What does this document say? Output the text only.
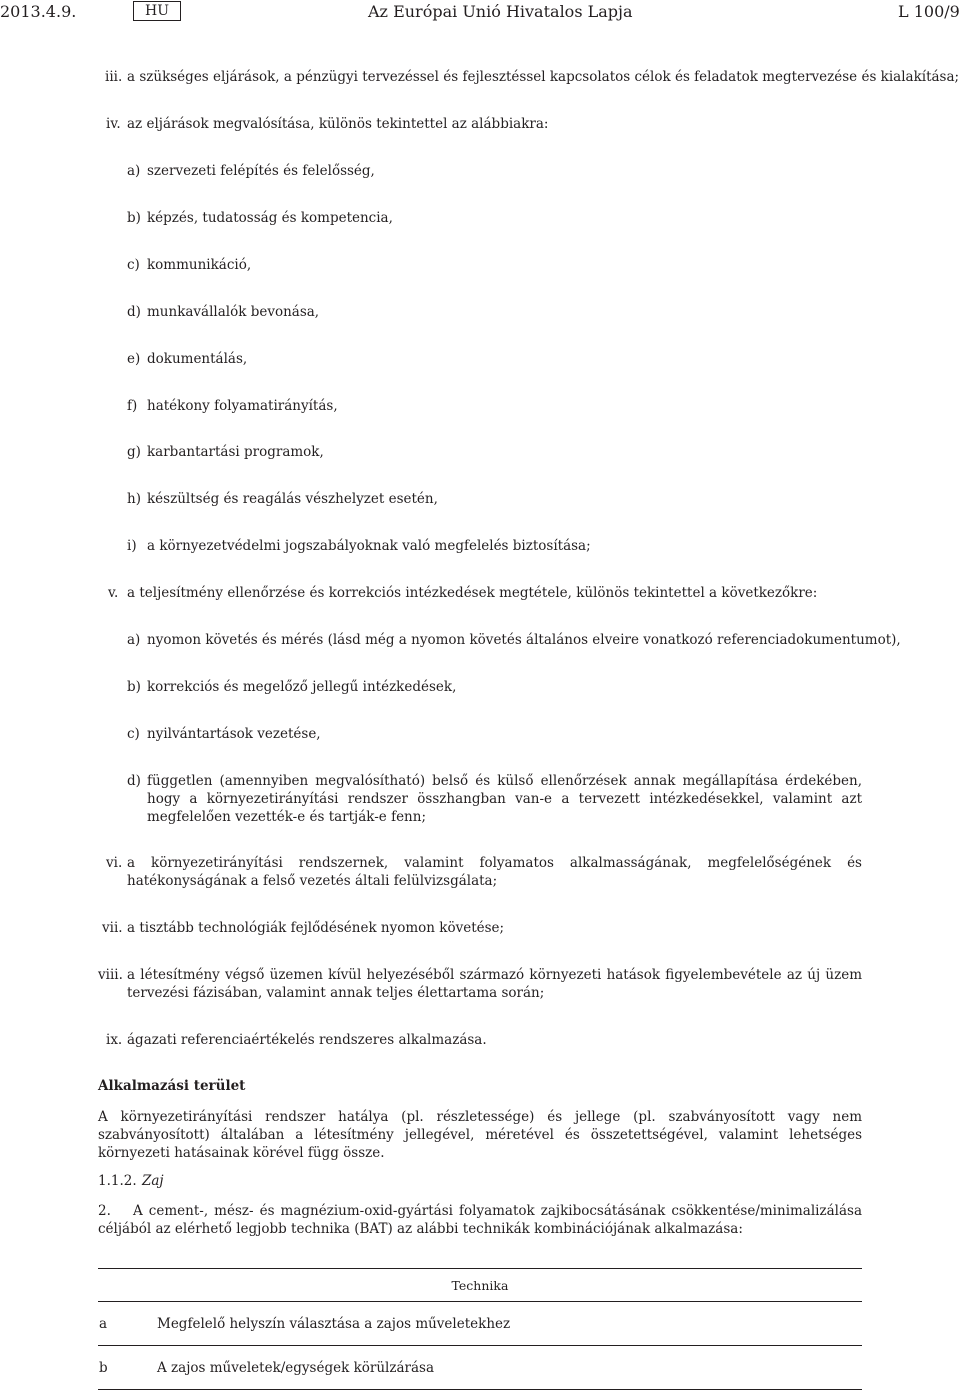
2013.4.9.	HU	Az Európai Unió Hivatalos Lapja	L 100/9
iii. a szükséges eljárások, a pénzügyi tervezéssel és fejlesztéssel kapcsolatos célok és feladatok megtervezése és kialakítása;
iv. az eljárások megvalósítása, különös tekintettel az alábbiakra:
a) szervezeti felépítés és felelősség,
b) képzés, tudatosság és kompetencia,
c) kommunikáció,
d) munkavállalók bevonása,
e) dokumentálás,
f) hatékony folyamatirányítás,
g) karbantartási programok,
h) készültség és reagálás vészhelyzet esetén,
i) a környezetvédelmi jogszabályoknak való megfelelés biztosítása;
v. a teljesítmény ellenőrzése és korrekciós intézkedések megtétele, különös tekintettel a következőkre:
a) nyomon követés és mérés (lásd még a nyomon követés általános elveire vonatkozó referenciadokumentumot),
b) korrekciós és megelőző jellegű intézkedések,
c) nyilvántartások vezetése,
d) független (amennyiben megvalósítható) belső és külső ellenőrzések annak megállapítása érdekében, hogy a környezetirányítási rendszer összhangban van-e a tervezett intézkedésekkel, valamint azt megfelelően vezették-e és tartják-e fenn;
vi. a környezetirányítási rendszernek, valamint folyamatos alkalmasságának, megfelelőségének és hatékonyságának a felső vezetés általi felülvizsgálata;
vii. a tisztább technológiák fejlődésének nyomon követése;
viii. a létesítmény végső üzemen kívül helyezéséből származó környezeti hatások figyelembevétele az új üzem tervezési fázisában, valamint annak teljes élettartama során;
ix. ágazati referenciaértékelés rendszeres alkalmazása.
Alkalmazási terület
A környezetirányítási rendszer hatálya (pl. részletessége) és jellege (pl. szabványosított vagy nem szabványosított) általában a létesítmény jellegével, méretével és összetettségével, valamint lehetséges környezeti hatásainak körével függ össze.
1.1.2. Zaj
2. A cement-, mész- és magnézium-oxid-gyártási folyamatok zajkibocsátásának csökkentése/minimalizálása céljából az elérhető legjobb technika (BAT) az alábbi technikák kombinációjának alkalmazása:
Technika	
a	Megfelelő helyszín választása a zajos műveletekhez
b	A zajos műveletek/egységek körülzárása
